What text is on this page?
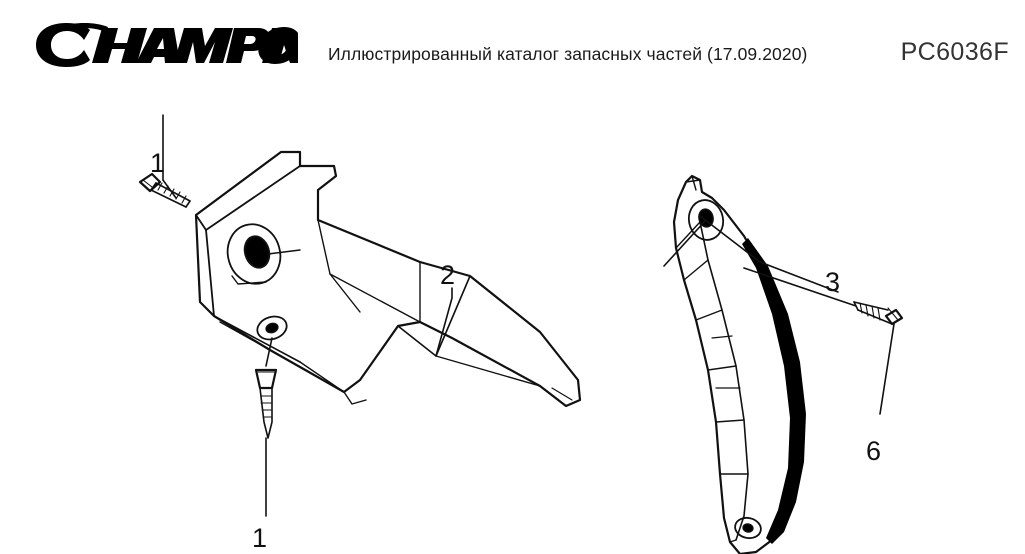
®
Иллюстрированный каталог запасных частей (17.09.2020)	PC6036F
1
1
2	3
6
